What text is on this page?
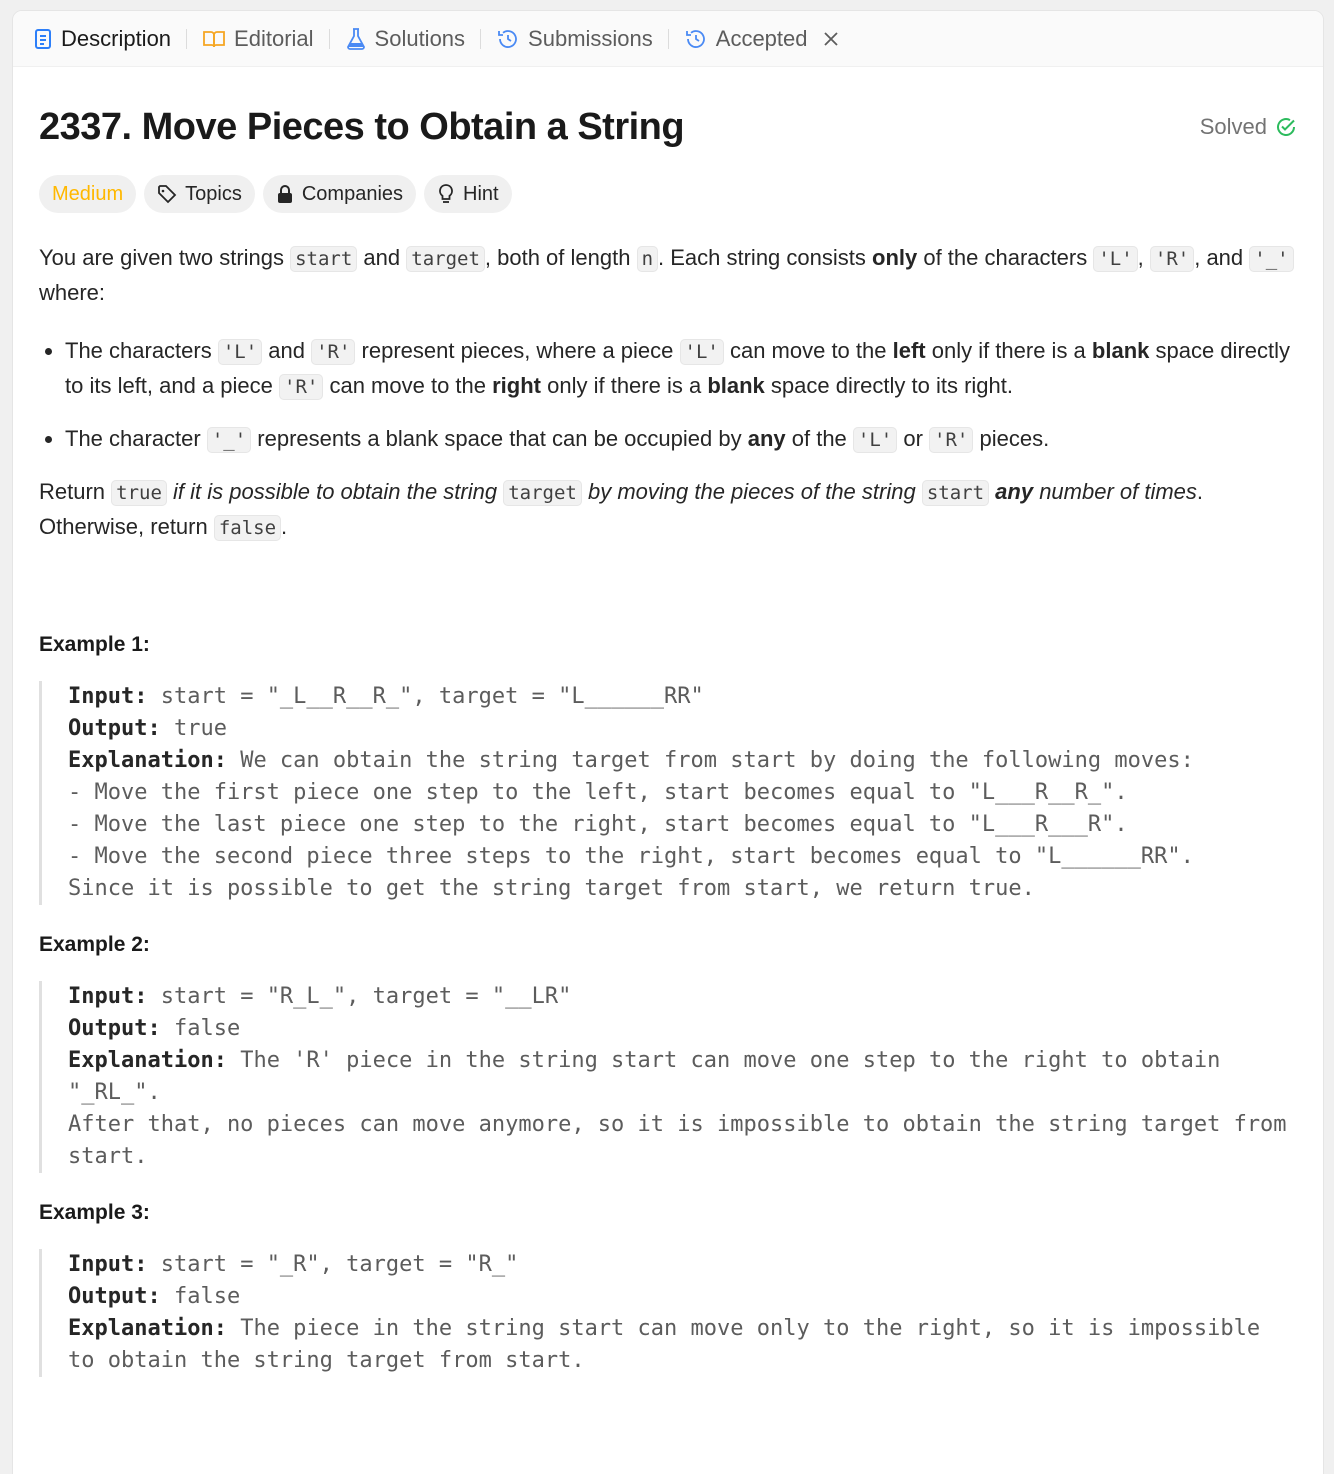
Description	Editorial	Solutions	Submissions	Accepted
2337. Move Pieces to Obtain a String	Solved
Medium	Topics	Companies	Hint

You are given two strings start and target , both of length n . Each string consists only of the characters 'L' , 'R' , and '_' where:

• The characters 'L' and 'R' represent pieces, where a piece 'L' can move to the left only if there is a blank space directly to its left, and a piece 'R' can move to the right only if there is a blank space directly to its right.
• The character '_' represents a blank space that can be occupied by any of the 'L' or 'R' pieces.

Return true if it is possible to obtain the string target by moving the pieces of the string start any number of times. Otherwise, return false .

Example 1:
Input: start = "_L__R__R_", target = "L______RR"
Output: true
Explanation: We can obtain the string target from start by doing the following moves:
- Move the first piece one step to the left, start becomes equal to "L___R__R_".
- Move the last piece one step to the right, start becomes equal to "L___R___R".
- Move the second piece three steps to the right, start becomes equal to "L______RR".
Since it is possible to get the string target from start, we return true.
Example 2:
Input: start = "R_L_", target = "__LR"
Output: false
Explanation: The 'R' piece in the string start can move one step to the right to obtain "_RL_".
After that, no pieces can move anymore, so it is impossible to obtain the string target from start.
Example 3:
Input: start = "_R", target = "R_"
Output: false
Explanation: The piece in the string start can move only to the right, so it is impossible to obtain the string target from start.
